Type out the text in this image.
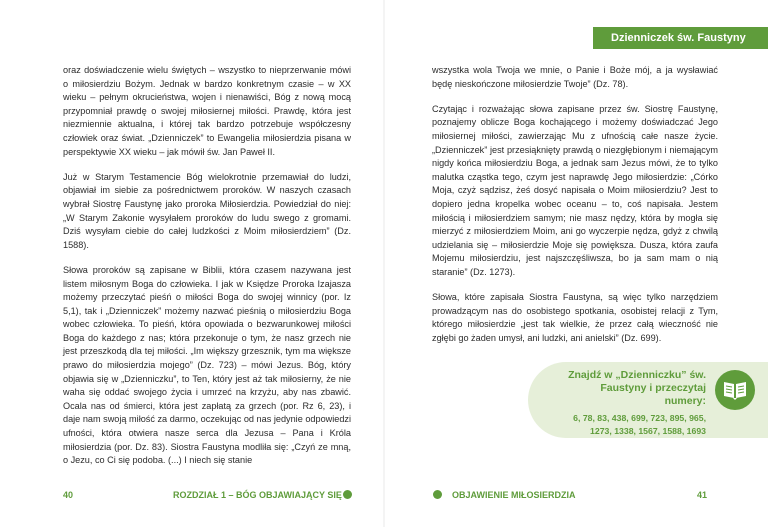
Dzienniczek św. Faustyny

oraz doświadczenie wielu świętych – wszystko to nieprzerwanie mówi o miłosierdziu Bożym. Jednak w bardzo konkretnym czasie – w XX wieku – pełnym okrucieństwa, wojen i nienawiści, Bóg z nową mocą przypomniał prawdę o swojej miłosiernej miłości. Prawdę, która jest niezmiennie aktualna, i której tak bardzo potrzebuje współczesny człowiek oraz świat. „Dzienniczek” to Ewangelia miłosierdzia pisana w perspektywie XX wieku – jak mówił św. Jan Paweł II.

Już w Starym Testamencie Bóg wielokrotnie przemawiał do ludzi, objawiał im siebie za pośrednictwem proroków. W naszych czasach wybrał Siostrę Faustynę jako proroka Miłosierdzia. Powiedział do niej: „W Starym Zakonie wysyłałem proroków do ludu swego z gromami. Dziś wysyłam ciebie do całej ludzkości z Moim miłosierdziem” (Dz. 1588).

Słowa proroków są zapisane w Biblii, która czasem nazywana jest listem miłosnym Boga do człowieka. I jak w Księdze Proroka Izajasza możemy przeczytać pieśń o miłości Boga do swojej winnicy (por. Iz 5,1), tak i „Dzienniczek” możemy nazwać pieśnią o miłosierdziu Boga wobec człowieka. To pieśń, która opowiada o bezwarunkowej miłości Boga do każdego z nas; która przekonuje o tym, że nasz grzech nie jest przeszkodą dla tej miłości. „Im większy grzesznik, tym ma większe prawo do miłosierdzia mojego” (Dz. 723) – mówi Jezus. Bóg, który objawia się w „Dzienniczku”, to Ten, który jest aż tak miłosierny, że nie waha się oddać swojego życia i umrzeć na krzyżu, aby nas zbawić. Ocala nas od śmierci, która jest zapłatą za grzech (por. Rz 6, 23), i daje nam swoją miłość za darmo, oczekując od nas jedynie odpowiedzi ufności, która otwiera nasze serca dla Jezusa – Pana i Króla miłosierdzia (por. Dz. 83). Siostra Faustyna modliła się: „Czyń ze mną, o Jezu, co Ci się podoba. (...) I niech się stanie

wszystka wola Twoja we mnie, o Panie i Boże mój, a ja wysławiać będę nieskończone miłosierdzie Twoje” (Dz. 78).

Czytając i rozważając słowa zapisane przez św. Siostrę Faustynę, poznajemy oblicze Boga kochającego i możemy doświadczać Jego miłosiernej miłości, zawierzając Mu z ufnością całe nasze życie. „Dzienniczek” jest przesiąknięty prawdą o niezgłębionym i niemającym nigdy końca miłosierdziu Boga, a jednak sam Jezus mówi, że to tylko malutka cząstka tego, czym jest naprawdę Jego miłosierdzie: „Córko Moja, czyż sądzisz, żeś dosyć napisała o Moim miłosierdziu? Jest to dopiero jedna kropelka wobec oceanu – to, coś napisała. Jestem miłością i miłosierdziem samym; nie masz nędzy, która by mogła się mierzyć z miłosierdziem Moim, ani go wyczerpie nędza, gdyż z chwilą udzielania się – miłosierdzie Moje się powiększa. Dusza, która zaufa Mojemu miłosierdziu, jest najszczęśliwsza, bo ja sam mam o nią staranie” (Dz. 1273).

Słowa, które zapisała Siostra Faustyna, są więc tylko narzędziem prowadzącym nas do osobistego spotkania, osobistej relacji z Tym, którego miłosierdzie „jest tak wielkie, że przez całą wieczność nie zgłębi go żaden umysł, ani ludzki, ani anielski” (Dz. 699).

Znajdź w „Dzienniczku” św. Faustyny i przeczytaj numery:
6, 78, 83, 438, 699, 723, 895, 965, 1273, 1338, 1567, 1588, 1693
40	ROZDZIAŁ 1 – BÓG OBJAWIAJĄCY SIĘ	OBJAWIENIE MIŁOSIERDZIA	41
